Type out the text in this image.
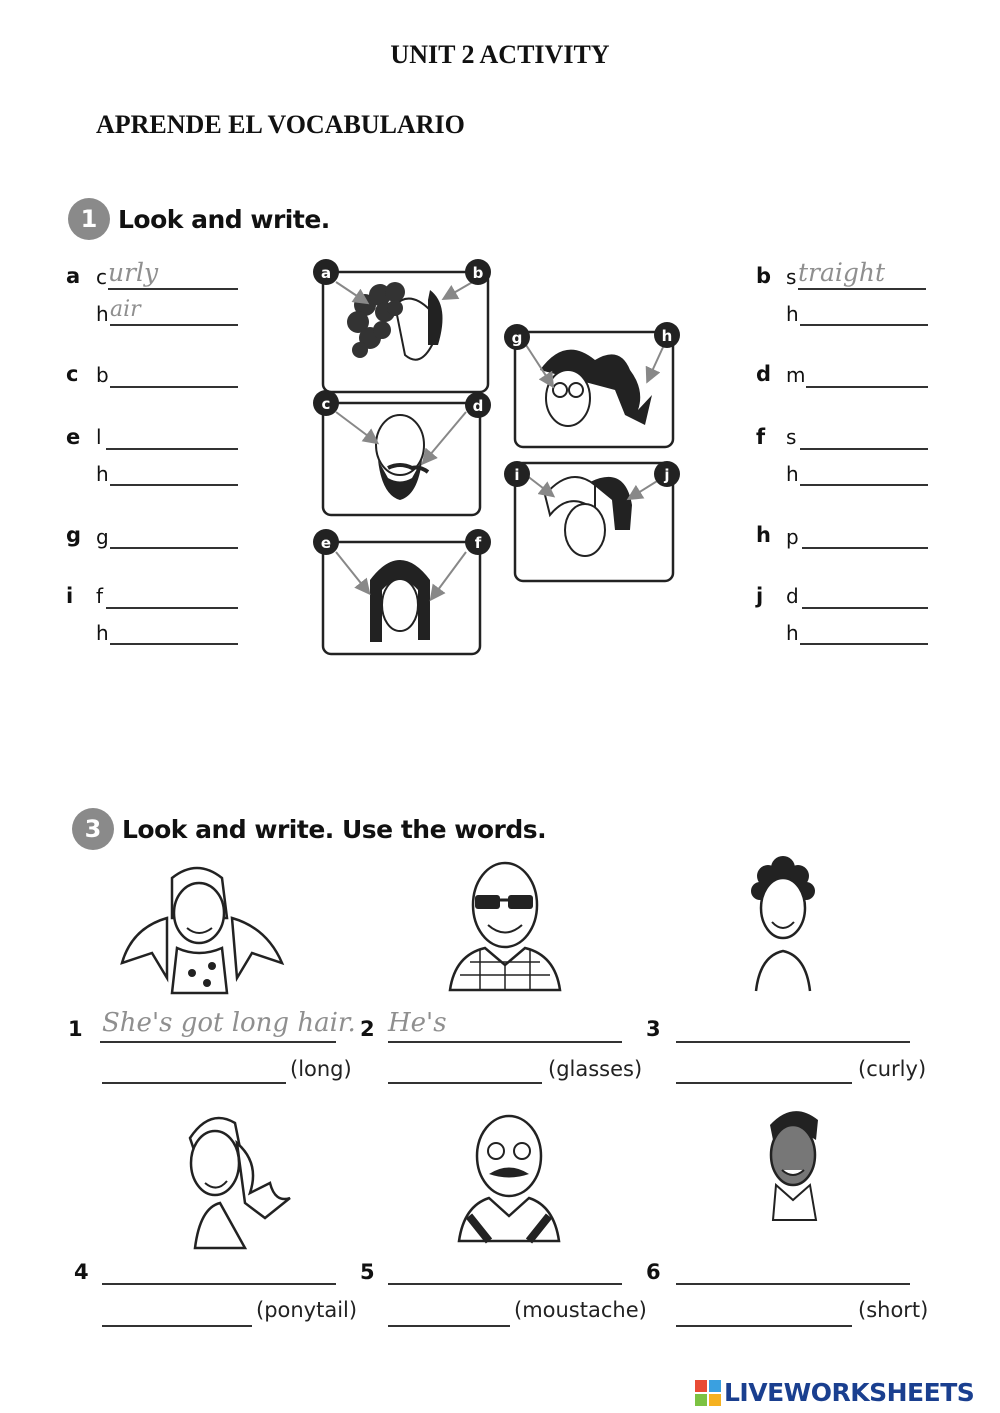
UNIT 2 ACTIVITY
APRENDE EL VOCABULARIO
1 Look and write.
a c urly
h air
c b
e l
h
g g
i f
h
b s traight
h
d m
f s
h
h p
j d
h
a	b
c	d
e	f
g	h
i	j
3 Look and write. Use the words.
1 She's got long hair.
(long)
2 He's
(glasses)
3
(curly)
4
(ponytail)
5
(moustache)
6
(short)
LIVEWORKSHEETS
